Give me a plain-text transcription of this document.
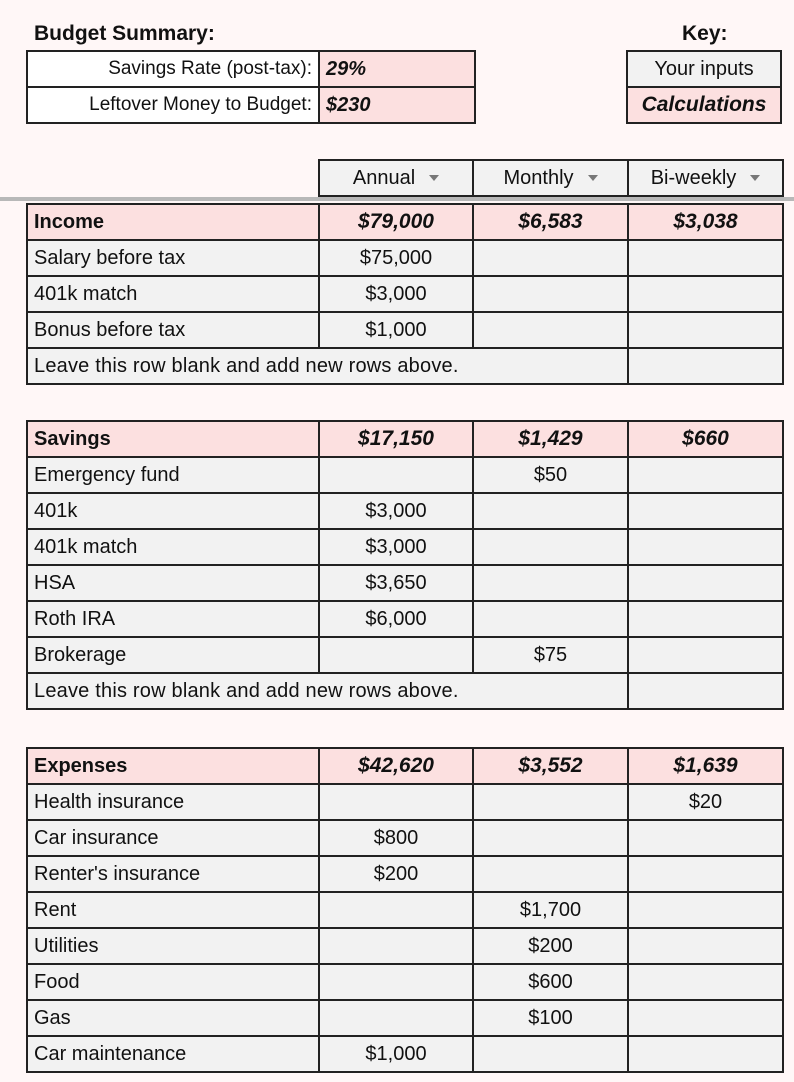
Budget Summary:	Key:
Savings Rate (post-tax):	29%
Leftover Money to Budget:	$230
Your inputs
Calculations
Annual	Monthly	Bi-weekly
Income	$79,000	$6,583	$3,038
Salary before tax	$75,000		
401k match	$3,000		
Bonus before tax	$1,000		
Leave this row blank and add new rows above.			
Savings	$17,150	$1,429	$660
Emergency fund		$50	
401k	$3,000		
401k match	$3,000		
HSA	$3,650		
Roth IRA	$6,000		
Brokerage		$75	
Leave this row blank and add new rows above.			
Expenses	$42,620	$3,552	$1,639
Health insurance			$20
Car insurance	$800		
Renter's insurance	$200		
Rent		$1,700	
Utilities		$200	
Food		$600	
Gas		$100	
Car maintenance	$1,000		
